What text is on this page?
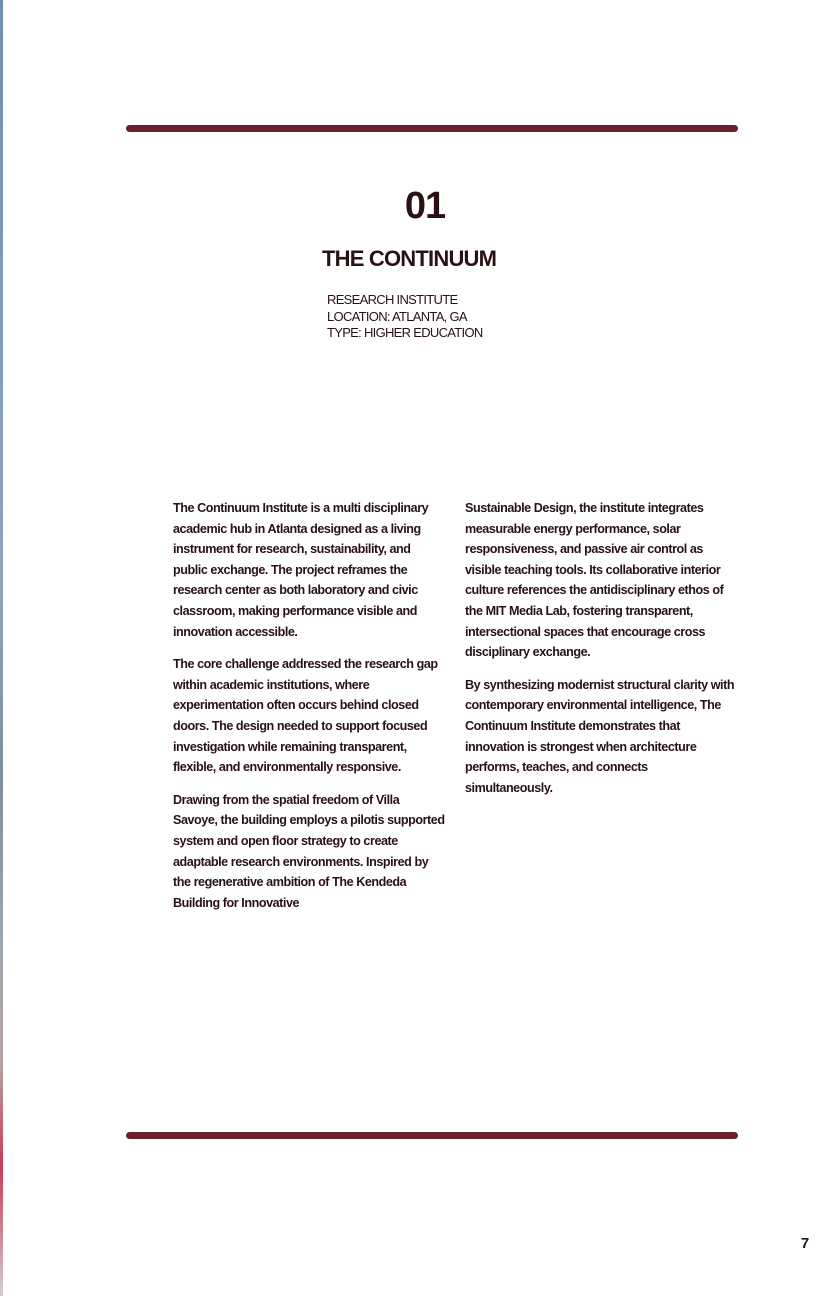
01
THE CONTINUUM
RESEARCH INSTITUTE
LOCATION: ATLANTA, GA
TYPE: HIGHER EDUCATION

The Continuum Institute is a multi disciplinary academic hub in Atlanta designed as a living instrument for research, sustainability, and public exchange. The project reframes the research center as both laboratory and civic classroom, making performance visible and innovation accessible.

The core challenge addressed the research gap within academic institutions, where experimentation often occurs behind closed doors. The design needed to support focused investigation while remaining transparent, flexible, and environmentally responsive.

Drawing from the spatial freedom of Villa Savoye, the building employs a pilotis supported system and open floor strategy to create adaptable research environments. Inspired by the regenerative ambition of The Kendeda Building for Innovative

Sustainable Design, the institute integrates measurable energy performance, solar responsiveness, and passive air control as visible teaching tools. Its collaborative interior culture references the antidisciplinary ethos of the MIT Media Lab, fostering transparent, intersectional spaces that encourage cross disciplinary exchange.

By synthesizing modernist structural clarity with contemporary environmental intelligence, The Continuum Institute demonstrates that innovation is strongest when architecture performs, teaches, and connects simultaneously.

7
